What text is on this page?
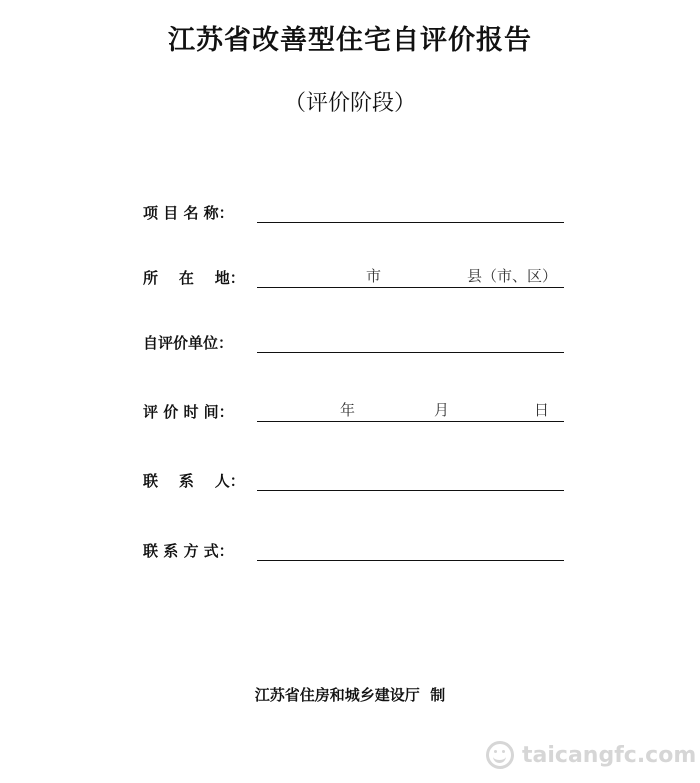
江苏省改善型住宅自评价报告
（评价阶段）
项 目 名 称：
所    在    地：	市	县（市、区）
自评价单位：
评 价 时 间：	年	月	日
联    系    人：
联 系 方 式：
江苏省住房和城乡建设厅  制
taicangfc.com
